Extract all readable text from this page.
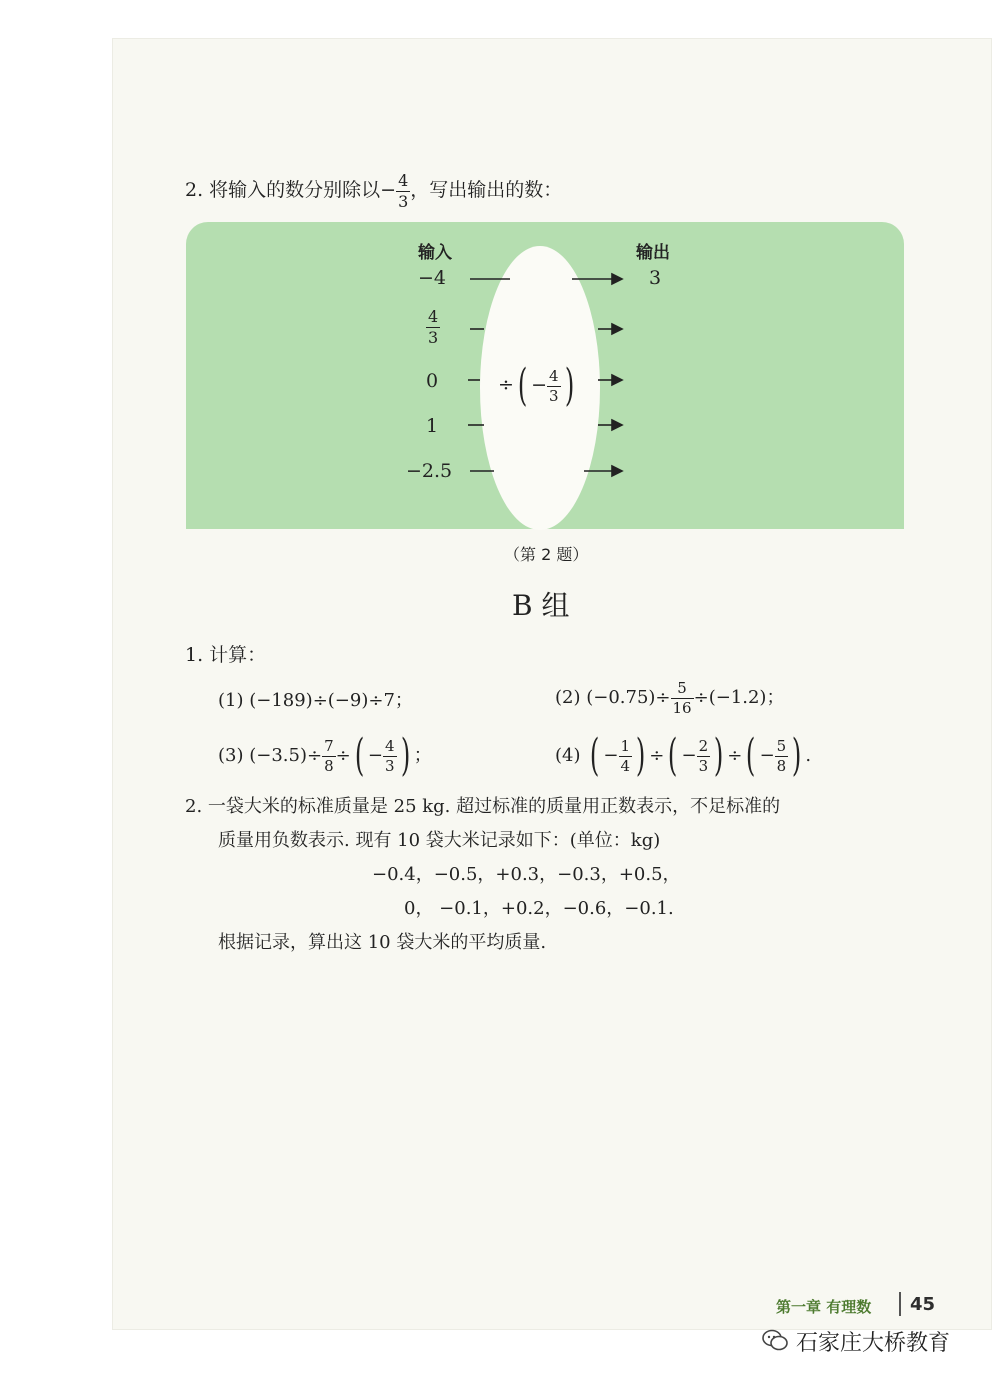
2. 将输入的数分别除以− $\frac{4}{3}$ ，写出输出的数：
输入	输出
−4
$\frac{4}{3}$
0
1
−2.5
3
÷( − $\frac{4}{3}$ )
（第 2 题）
B 组
1. 计算：
(1) (−189)÷(−9)÷7；	(2) $(-0.75)\div \frac{5}{16} \div(-1.2)$；
(3) $(-3.5)\div \frac{7}{8}$ ÷( − $\frac{4}{3}$ ) ；	(4) ( − $\frac{1}{4}$ ) ÷( − $\frac{2}{3}$ ) ÷( − $\frac{5}{8}$ ) .
2. 一袋大米的标准质量是 25 kg. 超过标准的质量用正数表示，不足标准的
质量用负数表示. 现有 10 袋大米记录如下：(单位：kg)
−0.4，−0.5，+0.3，−0.3，+0.5，
0， −0.1，+0.2，−0.6，−0.1.
根据记录，算出这 10 袋大米的平均质量.
第一章 有理数 45
石家庄大桥教育
